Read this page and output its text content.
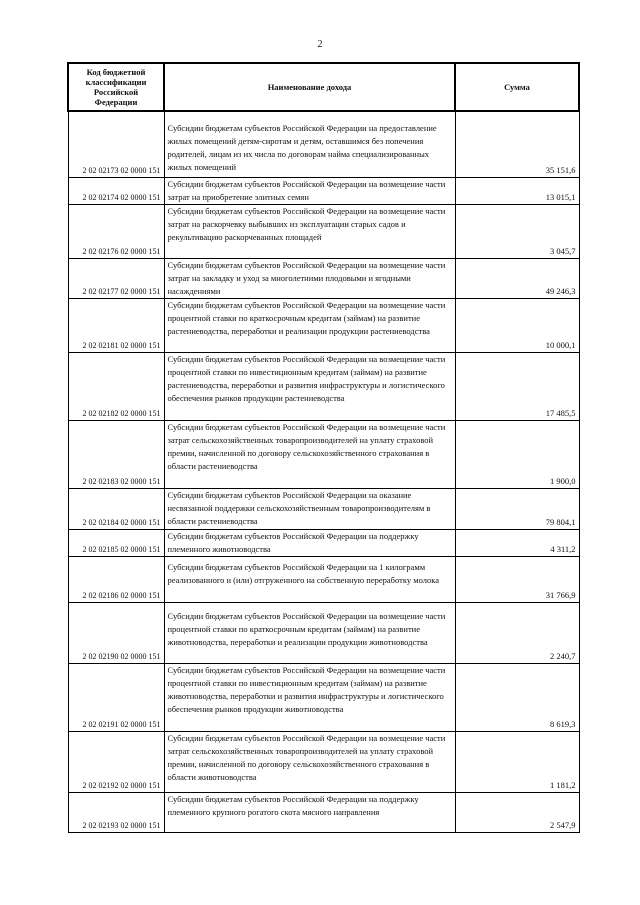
2
Код бюджетной классификации Российской Федерации	Наименование дохода	Сумма
2 02 02173 02 0000 151	Субсидии бюджетам субъектов Российской Федерации на предоставление жилых помещений детям-сиротам и детям, оставшимся без попечения родителей, лицам из их числа по договорам найма специализированных жилых помещений	35 151,6
2 02 02174 02 0000 151	Субсидии бюджетам субъектов Российской Федерации на возмещение части затрат на приобретение элитных семян	13 015,1
2 02 02176 02 0000 151	Субсидии бюджетам субъектов Российской Федерации на возмещение части затрат на раскорчевку выбывших из эксплуатации старых садов и рекультивацию раскорчеванных площадей	3 045,7
2 02 02177 02 0000 151	Субсидии бюджетам субъектов Российской Федерации на возмещение части затрат на закладку и уход за многолетними плодовыми и ягодными насаждениями	49 246,3
2 02 02181 02 0000 151	Субсидии бюджетам субъектов Российской Федерации на возмещение части процентной ставки по краткосрочным кредитам (займам) на развитие растениеводства, переработки и реализации продукции растениеводства	10 000,1
2 02 02182 02 0000 151	Субсидии бюджетам субъектов Российской Федерации на возмещение части процентной ставки по инвестиционным кредитам (займам) на развитие растениеводства, переработки и развития инфраструктуры и логистического обеспечения рынков продукции растениеводства	17 485,5
2 02 02183 02 0000 151	Субсидии бюджетам субъектов Российской Федерации на возмещение части затрат сельскохозяйственных товаропроизводителей на уплату страховой премии, начисленной по договору сельскохозяйственного страхования в области растениеводства	1 900,0
2 02 02184 02 0000 151	Субсидии бюджетам субъектов Российской Федерации на оказание несвязанной поддержки сельскохозяйственным товаропроизводителям в области растениеводства	79 804,1
2 02 02185 02 0000 151	Субсидии бюджетам субъектов Российской Федерации на поддержку племенного животноводства	4 311,2
2 02 02186 02 0000 151	Субсидии бюджетам субъектов Российской Федерации на 1 килограмм реализованного и (или) отгруженного на собственную переработку молока	31 766,9
2 02 02190 02 0000 151	Субсидии бюджетам субъектов Российской Федерации на возмещение части процентной ставки по краткосрочным кредитам (займам) на развитие животноводства, переработки и реализации продукции животноводства	2 240,7
2 02 02191 02 0000 151	Субсидии бюджетам субъектов Российской Федерации на возмещение части процентной ставки по инвестиционным кредитам (займам) на развитие животноводства, переработки и развития инфраструктуры и логистического обеспечения рынков продукции животноводства	8 619,3
2 02 02192 02 0000 151	Субсидии бюджетам субъектов Российской Федерации на возмещение части затрат сельскохозяйственных товаропроизводителей на уплату страховой премии, начисленной по договору сельскохозяйственного страхования в области животноводства	1 181,2
2 02 02193 02 0000 151	Субсидии бюджетам субъектов Российской Федерации на поддержку племенного крупного рогатого скота мясного направления	2 547,9
